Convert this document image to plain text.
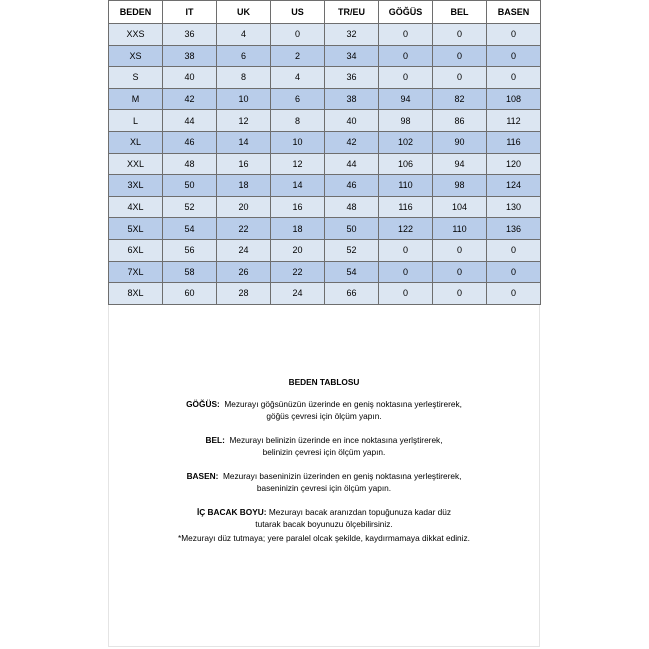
BEDEN	IT	UK	US	TR/EU	GÖĞÜS	BEL	BASEN
XXS	36	4	0	32	0	0	0
XS	38	6	2	34	0	0	0
S	40	8	4	36	0	0	0
M	42	10	6	38	94	82	108
L	44	12	8	40	98	86	112
XL	46	14	10	42	102	90	116
XXL	48	16	12	44	106	94	120
3XL	50	18	14	46	110	98	124
4XL	52	20	16	48	116	104	130
5XL	54	22	18	50	122	110	136
6XL	56	24	20	52	0	0	0
7XL	58	26	22	54	0	0	0
8XL	60	28	24	66	0	0	0
BEDEN TABLOSU
GÖĞÜS: Mezurayı göğsünüzün üzerinde en geniş noktasına yerleştirerek,
göğüs çevresi için ölçüm yapın.
BEL: Mezurayı belinizin üzerinde en ince noktasına yerlştirerek,
belinizin çevresi için ölçüm yapın.
BASEN: Mezurayı baseninizin üzerinden en geniş noktasına yerleştirerek,
baseninizin çevresi için ölçüm yapın.
İÇ BACAK BOYU: Mezurayı bacak aranızdan topuğunuza kadar düz
tutarak bacak boyunuzu ölçebilirsiniz.
*Mezurayı düz tutmaya; yere paralel olcak şekilde, kaydırmamaya dikkat ediniz.
